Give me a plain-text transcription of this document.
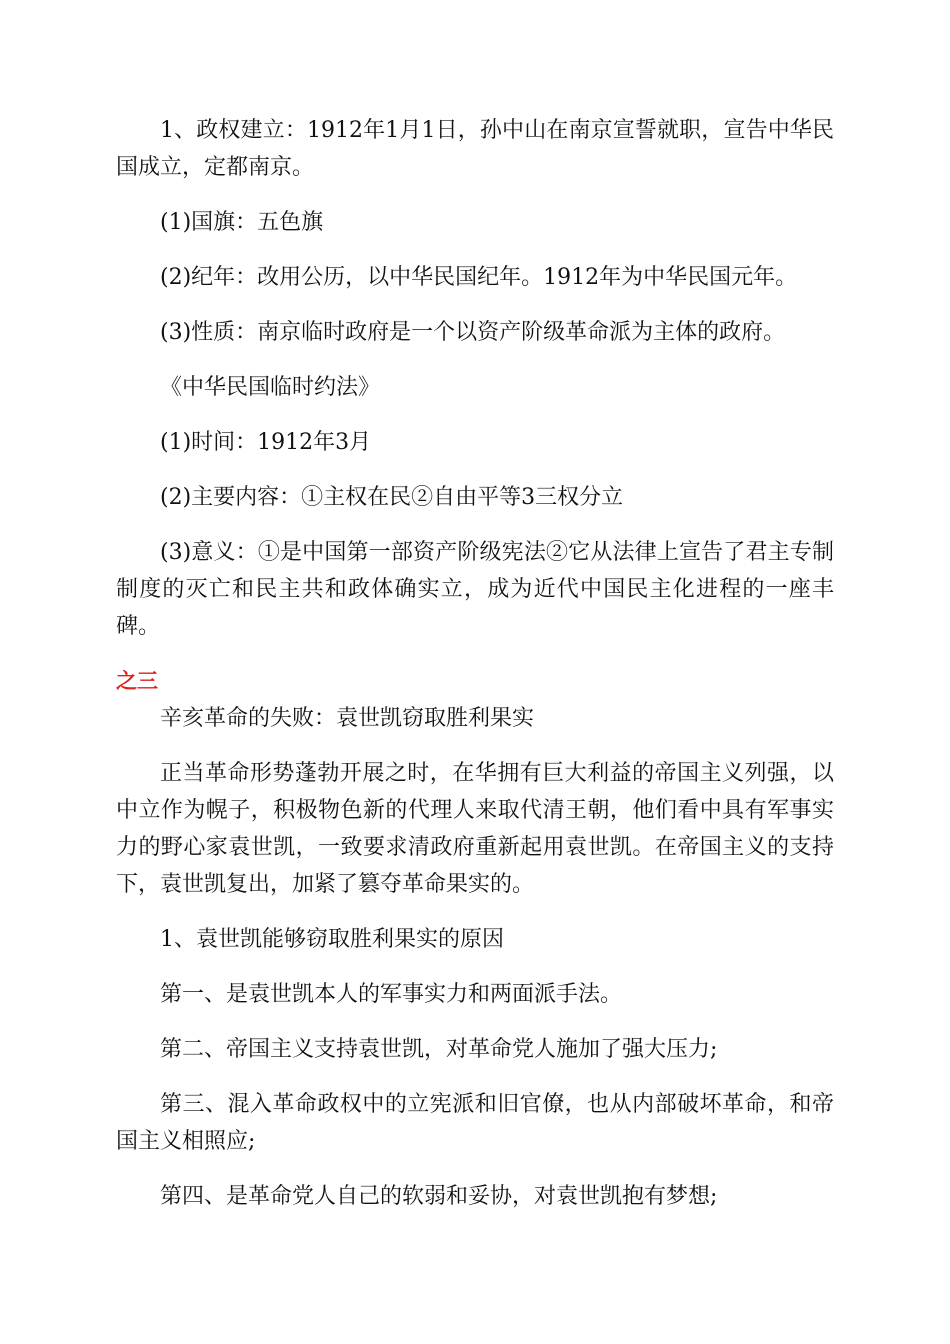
1、政权建立：1912年1月1日，孙中山在南京宣誓就职，宣告中华民国成立，定都南京。

(1)国旗：五色旗

(2)纪年：改用公历，以中华民国纪年。1912年为中华民国元年。

(3)性质：南京临时政府是一个以资产阶级革命派为主体的政府。

《中华民国临时约法》

(1)时间：1912年3月

(2)主要内容：①主权在民②自由平等3三权分立

(3)意义：①是中国第一部资产阶级宪法②它从法律上宣告了君主专制制度的灭亡和民主共和政体确实立，成为近代中国民主化进程的一座丰碑。

之三

辛亥革命的失败：袁世凯窃取胜利果实

正当革命形势蓬勃开展之时，在华拥有巨大利益的帝国主义列强，以中立作为幌子，积极物色新的代理人来取代清王朝，他们看中具有军事实力的野心家袁世凯，一致要求清政府重新起用袁世凯。在帝国主义的支持下，袁世凯复出，加紧了篡夺革命果实的。

1、袁世凯能够窃取胜利果实的原因

第一、是袁世凯本人的军事实力和两面派手法。

第二、帝国主义支持袁世凯，对革命党人施加了强大压力;

第三、混入革命政权中的立宪派和旧官僚，也从内部破坏革命，和帝国主义相照应;

第四、是革命党人自己的软弱和妥协，对袁世凯抱有梦想;
